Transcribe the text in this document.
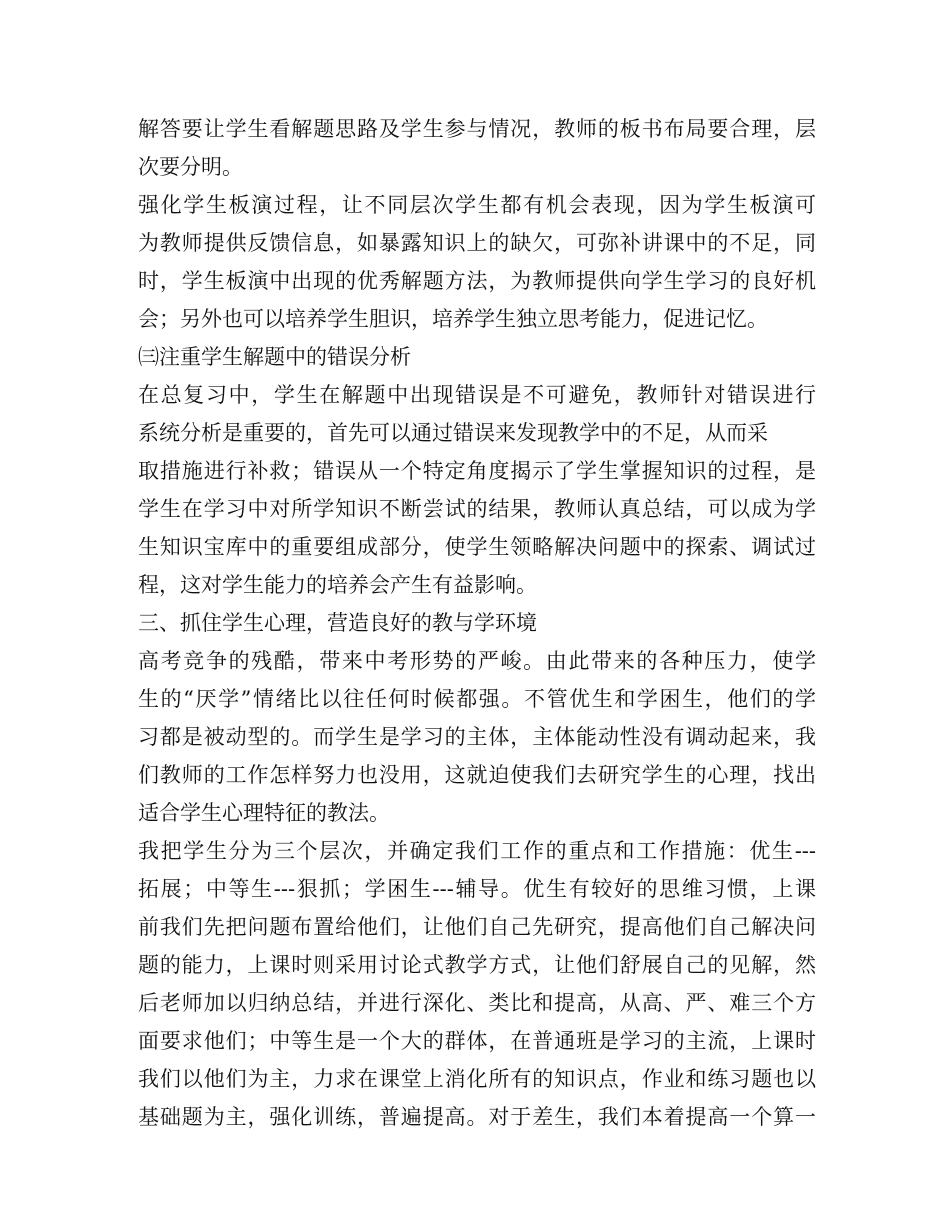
解答要让学生看解题思路及学生参与情况，教师的板书布局要合理，层
次要分明。
强化学生板演过程，让不同层次学生都有机会表现，因为学生板演可
为教师提供反馈信息，如暴露知识上的缺欠，可弥补讲课中的不足，同
时，学生板演中出现的优秀解题方法，为教师提供向学生学习的良好机
会；另外也可以培养学生胆识，培养学生独立思考能力，促进记忆。
㈢注重学生解题中的错误分析
在总复习中，学生在解题中出现错误是不可避免，教师针对错误进行
系统分析是重要的，首先可以通过错误来发现教学中的不足，从而采
取措施进行补救；错误从一个特定角度揭示了学生掌握知识的过程，是
学生在学习中对所学知识不断尝试的结果，教师认真总结，可以成为学
生知识宝库中的重要组成部分，使学生领略解决问题中的探索、调试过
程，这对学生能力的培养会产生有益影响。
三、抓住学生心理，营造良好的教与学环境
高考竞争的残酷，带来中考形势的严峻。由此带来的各种压力，使学
生的“厌学”情绪比以往任何时候都强。不管优生和学困生，他们的学
习都是被动型的。而学生是学习的主体，主体能动性没有调动起来，我
们教师的工作怎样努力也没用，这就迫使我们去研究学生的心理，找出
适合学生心理特征的教法。
我把学生分为三个层次，并确定我们工作的重点和工作措施：优生---
拓展；中等生---狠抓；学困生---辅导。优生有较好的思维习惯，上课
前我们先把问题布置给他们，让他们自己先研究，提高他们自己解决问
题的能力，上课时则采用讨论式教学方式，让他们舒展自己的见解，然
后老师加以归纳总结，并进行深化、类比和提高，从高、严、难三个方
面要求他们；中等生是一个大的群体，在普通班是学习的主流，上课时
我们以他们为主，力求在课堂上消化所有的知识点，作业和练习题也以
基础题为主，强化训练，普遍提高。对于差生，我们本着提高一个算一
